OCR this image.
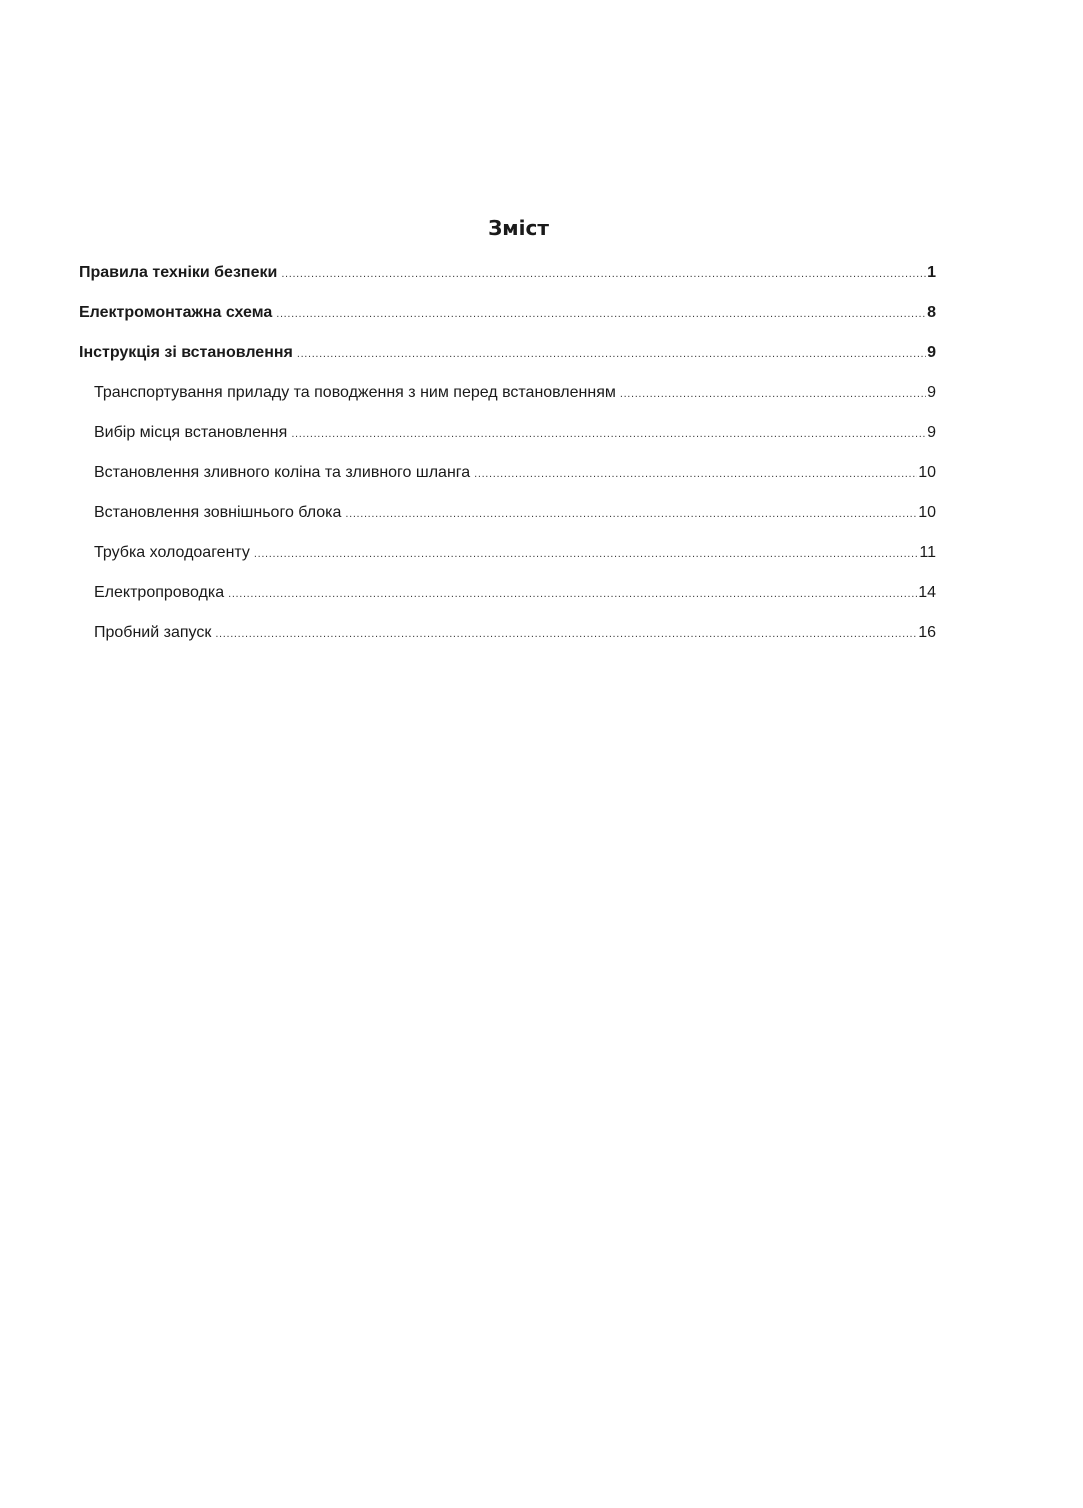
Зміст
Правила техніки безпеки . . .	1
Електромонтажна схема . . .	8
Інструкція зі встановлення . . .	9
Транспортування приладу та поводження з ним перед встановленням . . .	9
Вибір місця встановлення . . .	9
Встановлення зливного коліна та зливного шланга . . .	10
Встановлення зовнішнього блока . . .	10
Трубка холодоагенту . . .	11
Електропроводка . . .	14
Пробний запуск . . .	16
